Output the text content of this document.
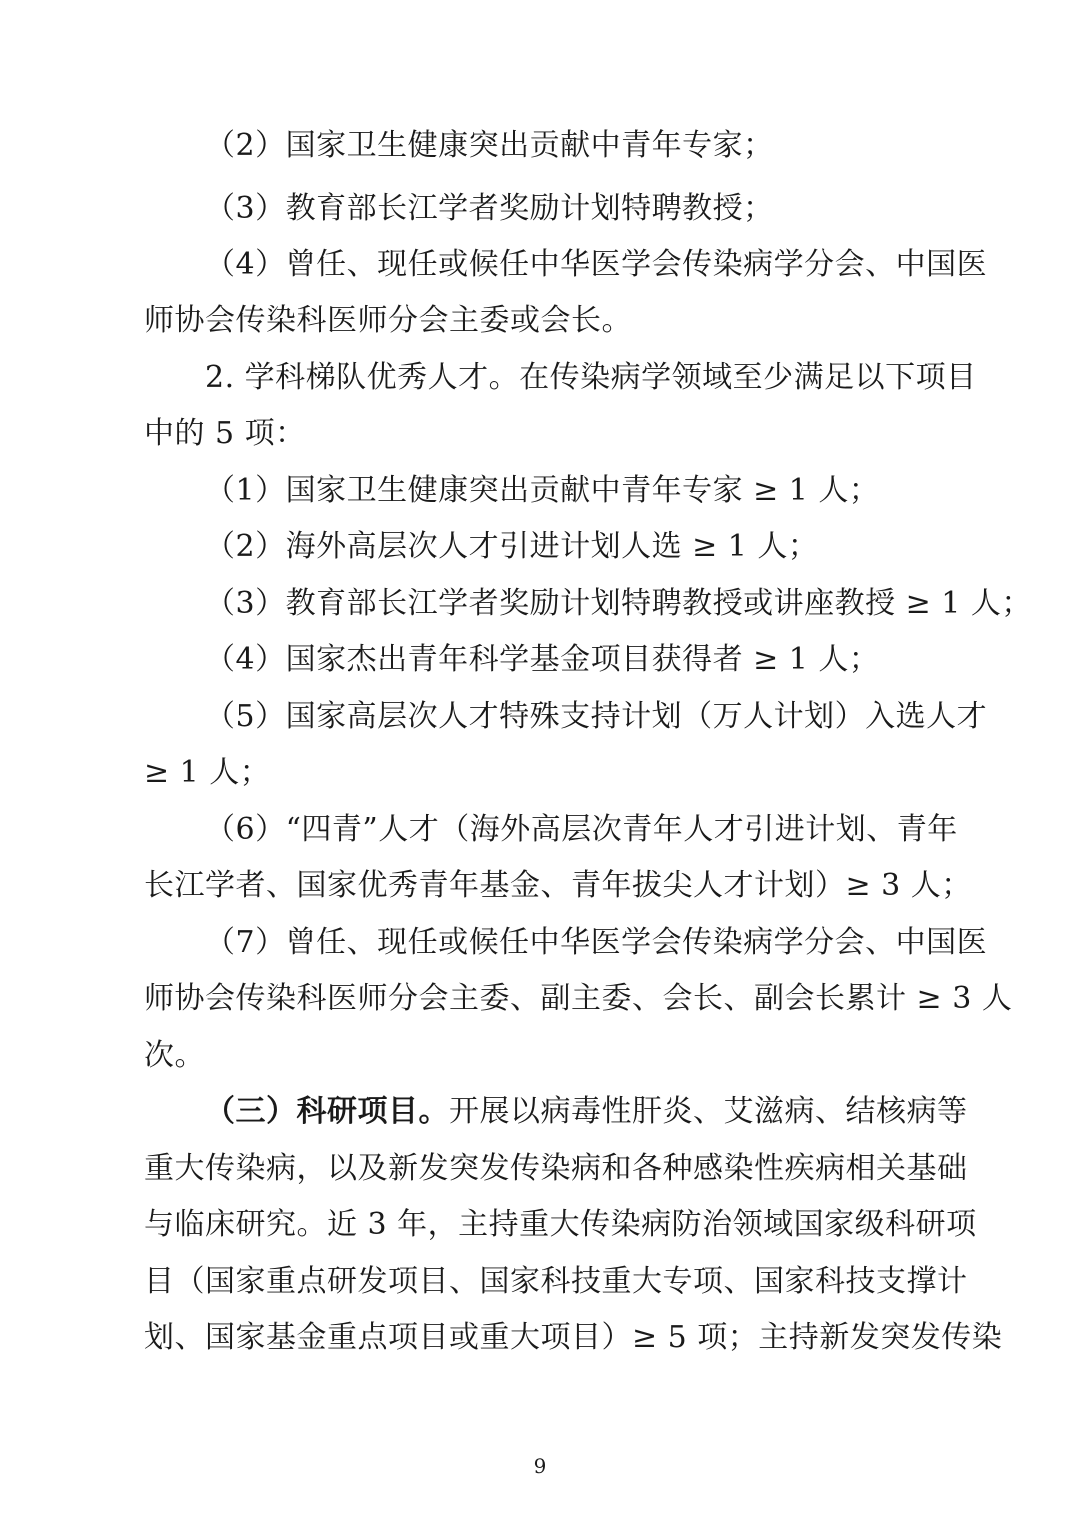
（2）国家卫生健康突出贡献中青年专家；
（3）教育部长江学者奖励计划特聘教授；
（4）曾任、现任或候任中华医学会传染病学分会、中国医
师协会传染科医师分会主委或会长。
2. 学科梯队优秀人才。在传染病学领域至少满足以下项目
中的 5 项：
（1）国家卫生健康突出贡献中青年专家 ≥ 1 人；
（2）海外高层次人才引进计划人选 ≥ 1 人；
（3）教育部长江学者奖励计划特聘教授或讲座教授 ≥ 1 人；
（4）国家杰出青年科学基金项目获得者 ≥ 1 人；
（5）国家高层次人才特殊支持计划（万人计划）入选人才
≥ 1 人；
（6）“四青”人才（海外高层次青年人才引进计划、青年
长江学者、国家优秀青年基金、青年拔尖人才计划）≥ 3 人；
（7）曾任、现任或候任中华医学会传染病学分会、中国医
师协会传染科医师分会主委、副主委、会长、副会长累计 ≥ 3 人
次。
（三）科研项目。开展以病毒性肝炎、艾滋病、结核病等
重大传染病，以及新发突发传染病和各种感染性疾病相关基础
与临床研究。近 3 年，主持重大传染病防治领域国家级科研项
目（国家重点研发项目、国家科技重大专项、国家科技支撑计
划、国家基金重点项目或重大项目）≥ 5 项；主持新发突发传染
9
